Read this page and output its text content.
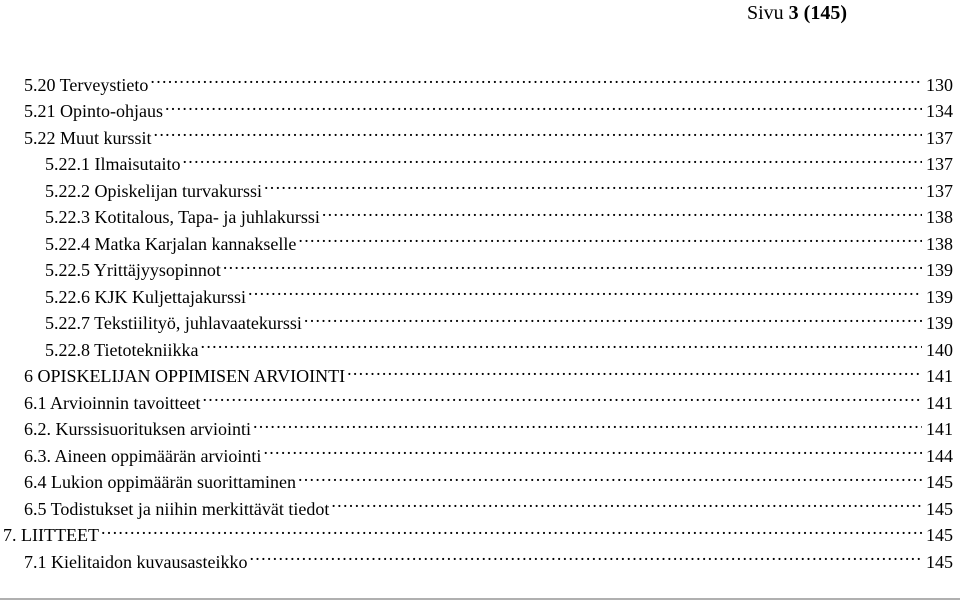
Sivu 3 (145)
5.20 Terveystieto . . .	130
5.21 Opinto-ohjaus . . .	134
5.22 Muut kurssit . . .	137
5.22.1 Ilmaisutaito . . .	137
5.22.2 Opiskelijan turvakurssi . . .	137
5.22.3 Kotitalous, Tapa- ja juhlakurssi . . .	138
5.22.4 Matka Karjalan kannakselle . . .	138
5.22.5 Yrittäjyysopinnot . . .	139
5.22.6 KJK Kuljettajakurssi . . .	139
5.22.7 Tekstiilityö, juhlavaatekurssi . . .	139
5.22.8 Tietotekniikka . . .	140
6 OPISKELIJAN OPPIMISEN ARVIOINTI . . .	141
6.1 Arvioinnin tavoitteet . . .	141
6.2. Kurssisuorituksen arviointi . . .	141
6.3. Aineen oppimäärän arviointi . . .	144
6.4 Lukion oppimäärän suorittaminen . . .	145
6.5 Todistukset ja niihin merkittävät tiedot . . .	145
7. LIITTEET . . .	145
7.1 Kielitaidon kuvausasteikko . . .	145
